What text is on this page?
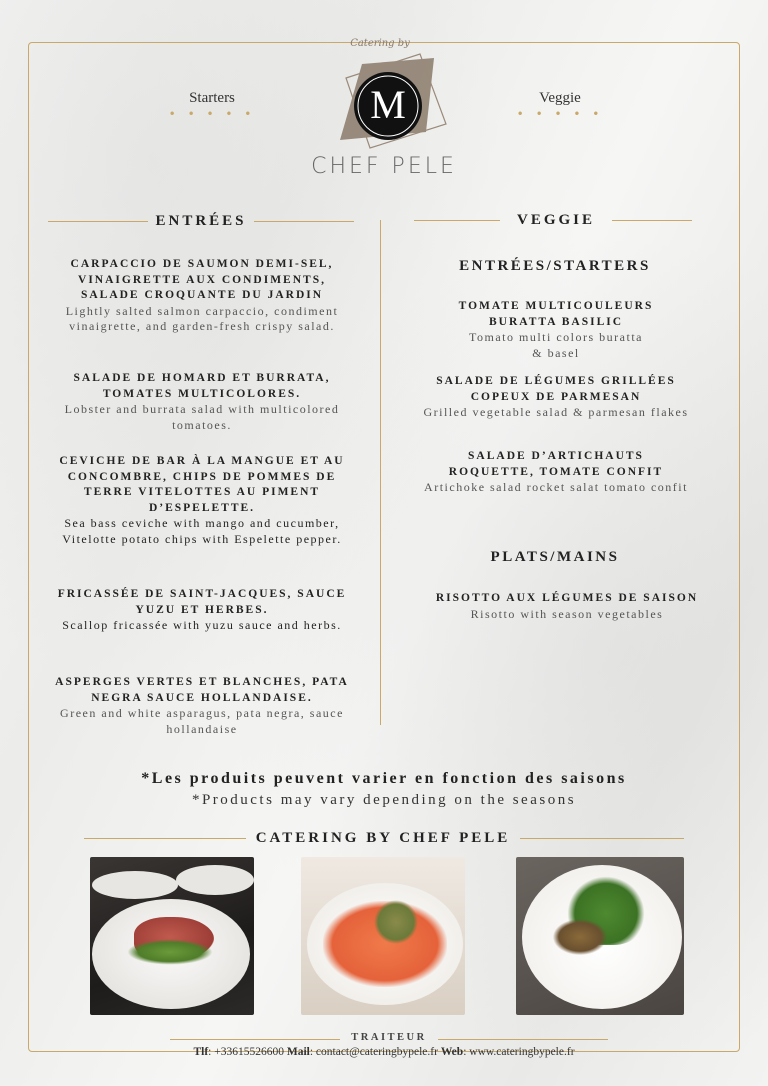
Starters
• • • • •
Veggie
• • • • •
Catering by
M
CHEF PELE
ENTRÉES
CARPACCIO DE SAUMON DEMI-SEL, VINAIGRETTE AUX CONDIMENTS, SALADE CROQUANTE DU JARDIN
Lightly salted salmon carpaccio, condiment vinaigrette, and garden-fresh crispy salad.
SALADE DE HOMARD ET BURRATA, TOMATES MULTICOLORES.
Lobster and burrata salad with multicolored tomatoes.
CEVICHE DE BAR À LA MANGUE ET AU CONCOMBRE, CHIPS DE POMMES DE TERRE VITELOTTES AU PIMENT D’ESPELETTE.
Sea bass ceviche with mango and cucumber, Vitelotte potato chips with Espelette pepper.
FRICASSÉE DE SAINT-JACQUES, SAUCE YUZU ET HERBES.
Scallop fricassée with yuzu sauce and herbs.
ASPERGES VERTES ET BLANCHES, PATA NEGRA SAUCE HOLLANDAISE.
Green and white asparagus, pata negra, sauce hollandaise
VEGGIE
ENTRÉES/STARTERS
TOMATE MULTICOULEURS BURATTA BASILIC
Tomato multi colors buratta & basel
SALADE DE LÉGUMES GRILLÉES COPEUX DE PARMESAN
Grilled vegetable salad & parmesan flakes
SALADE D’ARTICHAUTS ROQUETTE, TOMATE CONFIT
Artichoke salad rocket salat tomato confit
PLATS/MAINS
RISOTTO AUX LÉGUMES DE SAISON
Risotto with season vegetables
*Les produits peuvent varier en fonction des saisons
*Products may vary depending on the seasons
CATERING BY CHEF PELE
TRAITEUR
Tlf: +33615526600 Mail: contact@cateringbypele.fr Web: www.cateringbypele.fr
